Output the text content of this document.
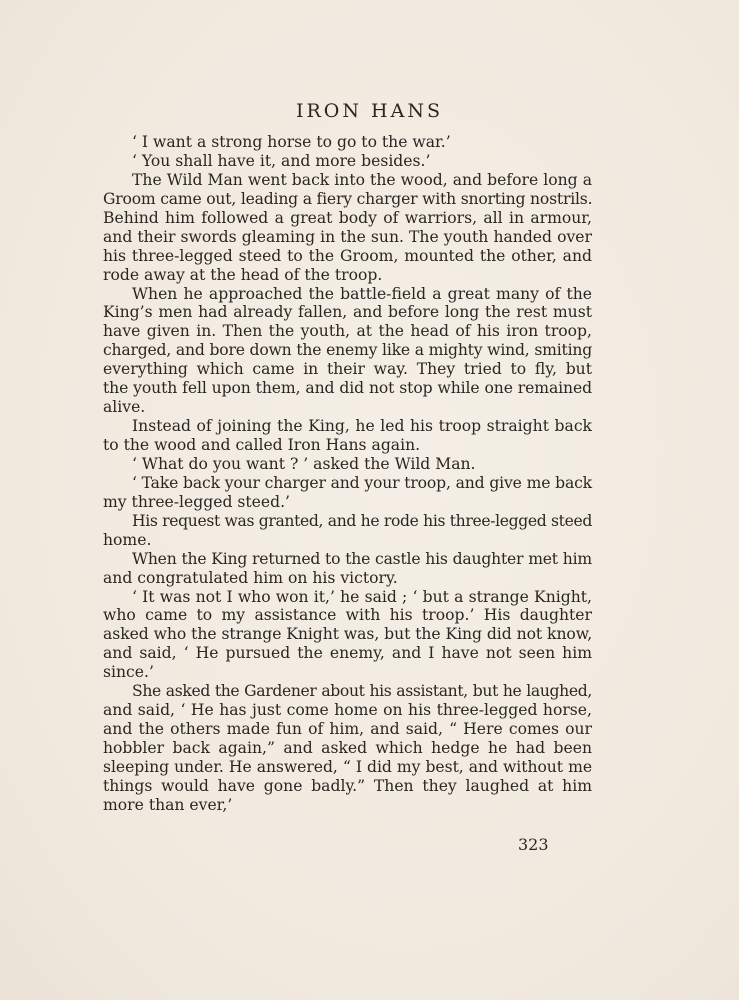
IRON HANS
‘ I want a strong horse to go to the war.’
‘ You shall have it, and more besides.’
The Wild Man went back into the wood, and before long a
Groom came out, leading a fiery charger with snorting nostrils.
Behind him followed a great body of warriors, all in armour,
and their swords gleaming in the sun. The youth handed over
his three-legged steed to the Groom, mounted the other, and
rode away at the head of the troop.
When he approached the battle-field a great many of the
King’s men had already fallen, and before long the rest must
have given in. Then the youth, at the head of his iron troop,
charged, and bore down the enemy like a mighty wind, smiting
everything which came in their way. They tried to fly, but
the youth fell upon them, and did not stop while one remained
alive.
Instead of joining the King, he led his troop straight back
to the wood and called Iron Hans again.
‘ What do you want ? ’ asked the Wild Man.
‘ Take back your charger and your troop, and give me back
my three-legged steed.’
His request was granted, and he rode his three-legged steed
home.
When the King returned to the castle his daughter met him
and congratulated him on his victory.
‘ It was not I who won it,’ he said ; ‘ but a strange Knight,
who came to my assistance with his troop.’ His daughter
asked who the strange Knight was, but the King did not know,
and said, ‘ He pursued the enemy, and I have not seen him
since.’
She asked the Gardener about his assistant, but he laughed,
and said, ‘ He has just come home on his three-legged horse,
and the others made fun of him, and said, “ Here comes our
hobbler back again,” and asked which hedge he had been
sleeping under. He answered, “ I did my best, and without me
things would have gone badly.” Then they laughed at him
more than ever,’
323
